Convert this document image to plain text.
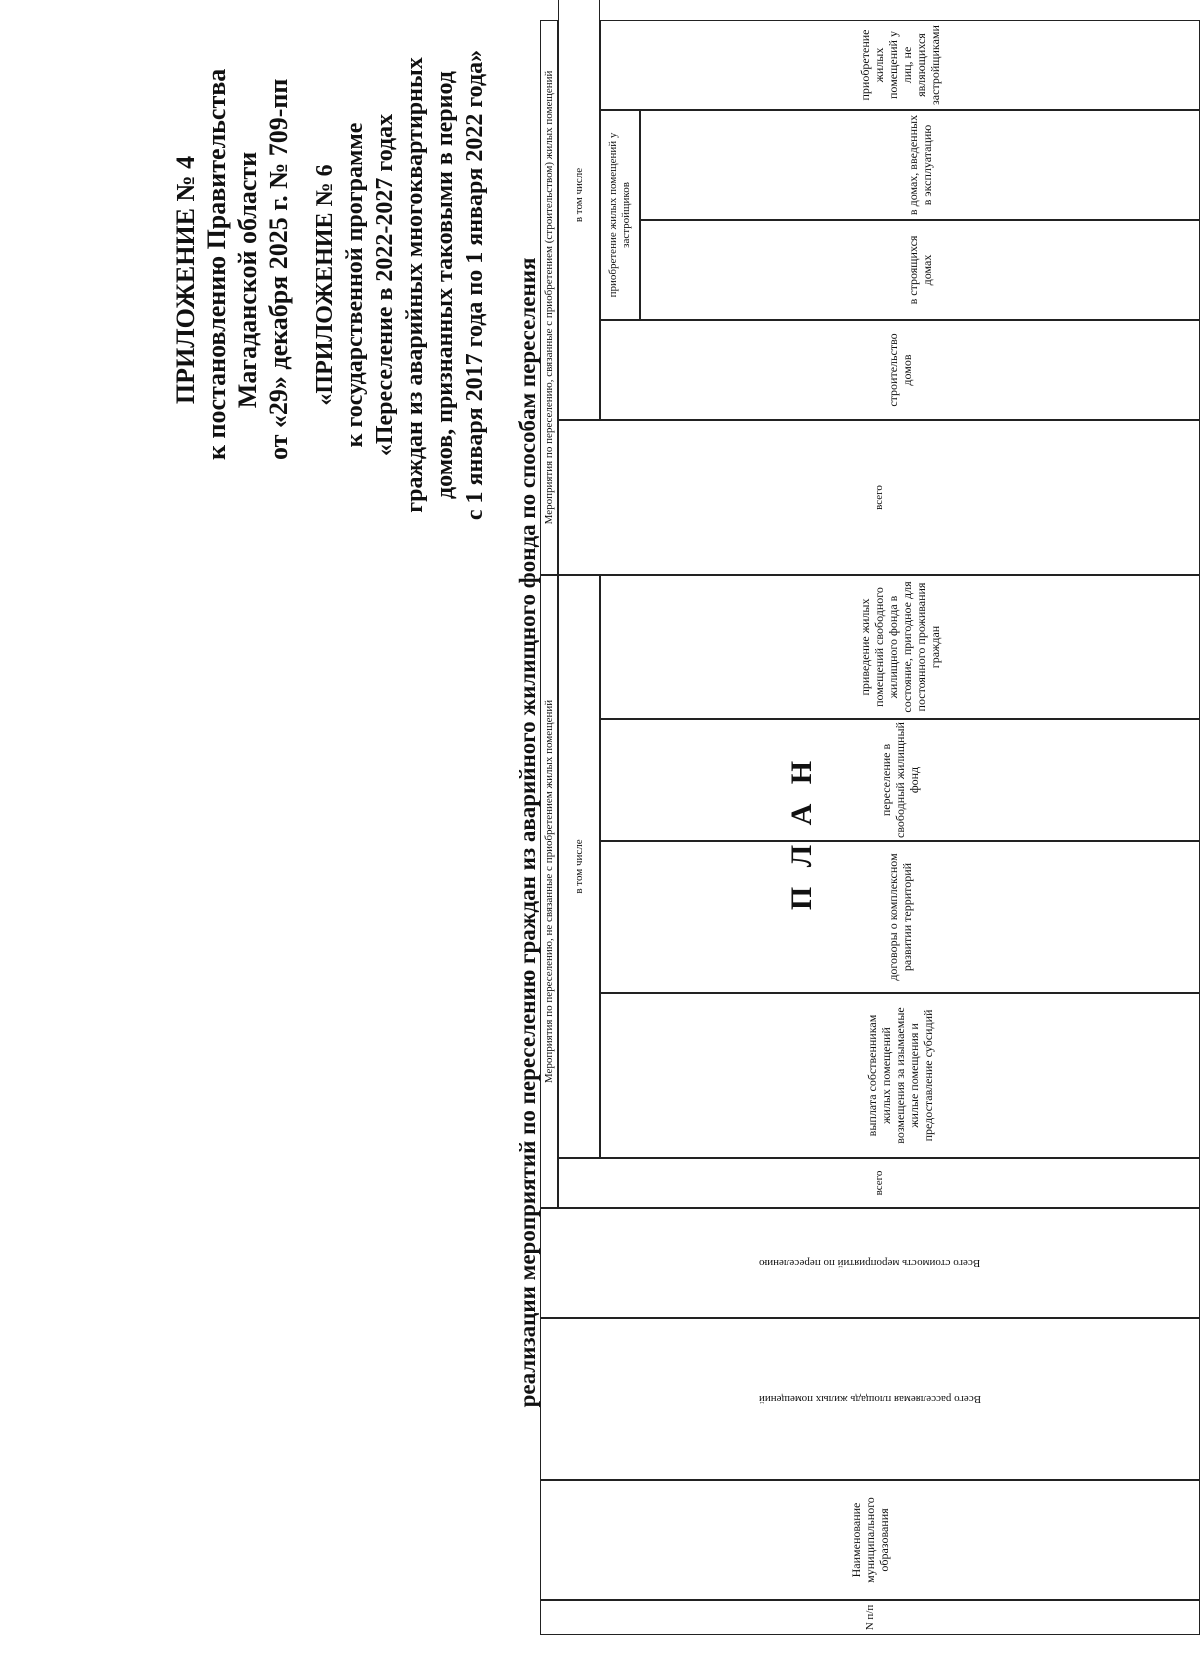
ПРИЛОЖЕНИЕ № 4 к постановлению Правительства Магаданской области от «29» декабря 2025 г. № 709-пп «ПРИЛОЖЕНИЕ № 6 к государственной программе «Переселение в 2022-2027 годах граждан из аварийных многоквартирных домов, признанных таковыми в период с 1 января 2017 года по 1 января 2022 года»
П Л А Н
реализации мероприятий по переселению граждан из аварийного жилищного фонда по способам переселения
N п/п
Наименование муниципального образования
Всего расселяемая площадь жилых помещений
Всего стоимость мероприятий по переселению
Мероприятия по переселению, не связанные с приобретением жилых помещений
всего
в том числе
выплата собственникам жилых помещений возмещения за изымаемые жилые помещения и предоставление субсидий
договоры о комплексном развитии территорий
переселение в свободный жилищный фонд
приведение жилых помещений свободного жилищного фонда в состояние, пригодное для постоянного проживания граждан
Мероприятия по переселению, связанные с приобретением (строительством) жилых помещений	всего
в том числе
строительство домов
приобретение жилых помещений у застройщиков
в строящихся домах
в домах, введенных в эксплуатацию
приобретение жилых помещений у лиц, не являющихся застройщиками
